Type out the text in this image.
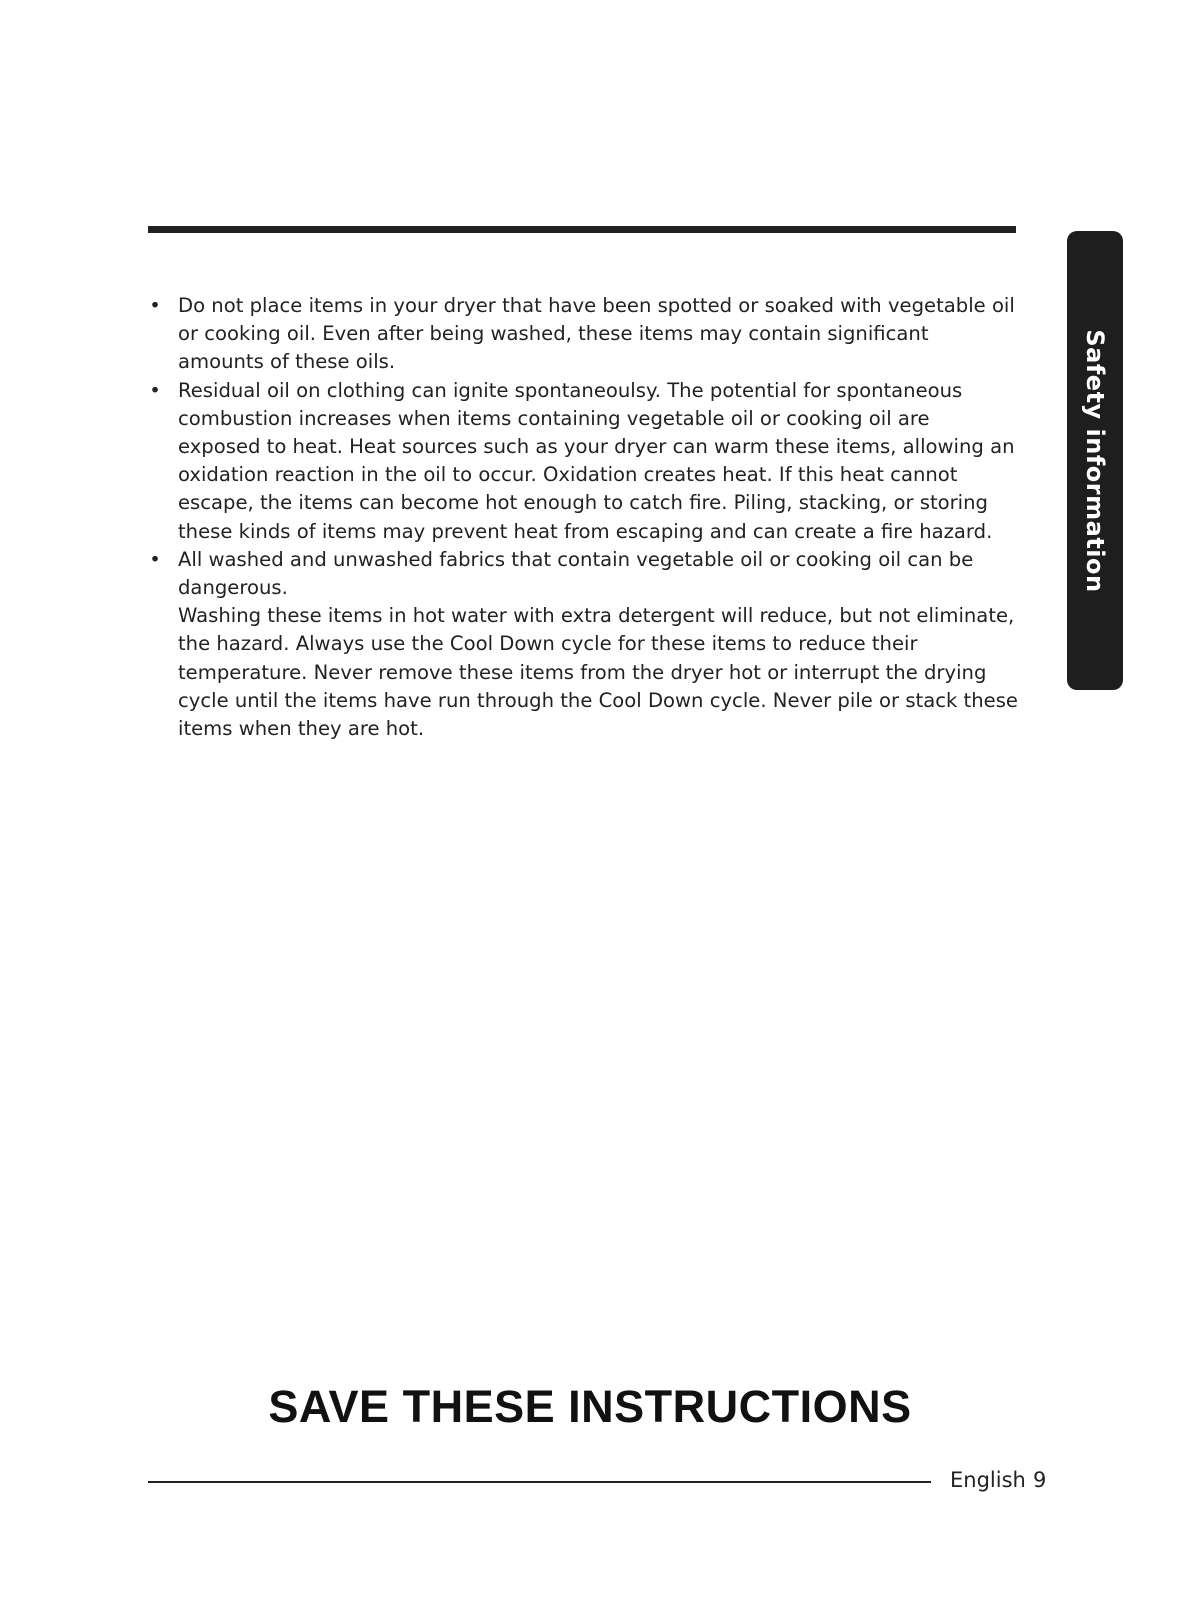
Safety information
• Do not place items in your dryer that have been spotted or soaked with vegetable oil or cooking oil. Even after being washed, these items may contain significant amounts of these oils.

• Residual oil on clothing can ignite spontaneoulsy. The potential for spontaneous combustion increases when items containing vegetable oil or cooking oil are exposed to heat. Heat sources such as your dryer can warm these items, allowing an oxidation reaction in the oil to occur. Oxidation creates heat. If this heat cannot escape, the items can become hot enough to catch fire. Piling, stacking, or storing these kinds of items may prevent heat from escaping and can create a fire hazard.

• All washed and unwashed fabrics that contain vegetable oil or cooking oil can be dangerous.

Washing these items in hot water with extra detergent will reduce, but not eliminate, the hazard. Always use the Cool Down cycle for these items to reduce their temperature. Never remove these items from the dryer hot or interrupt the drying cycle until the items have run through the Cool Down cycle. Never pile or stack these items when they are hot.

SAVE THESE INSTRUCTIONS
English 9
